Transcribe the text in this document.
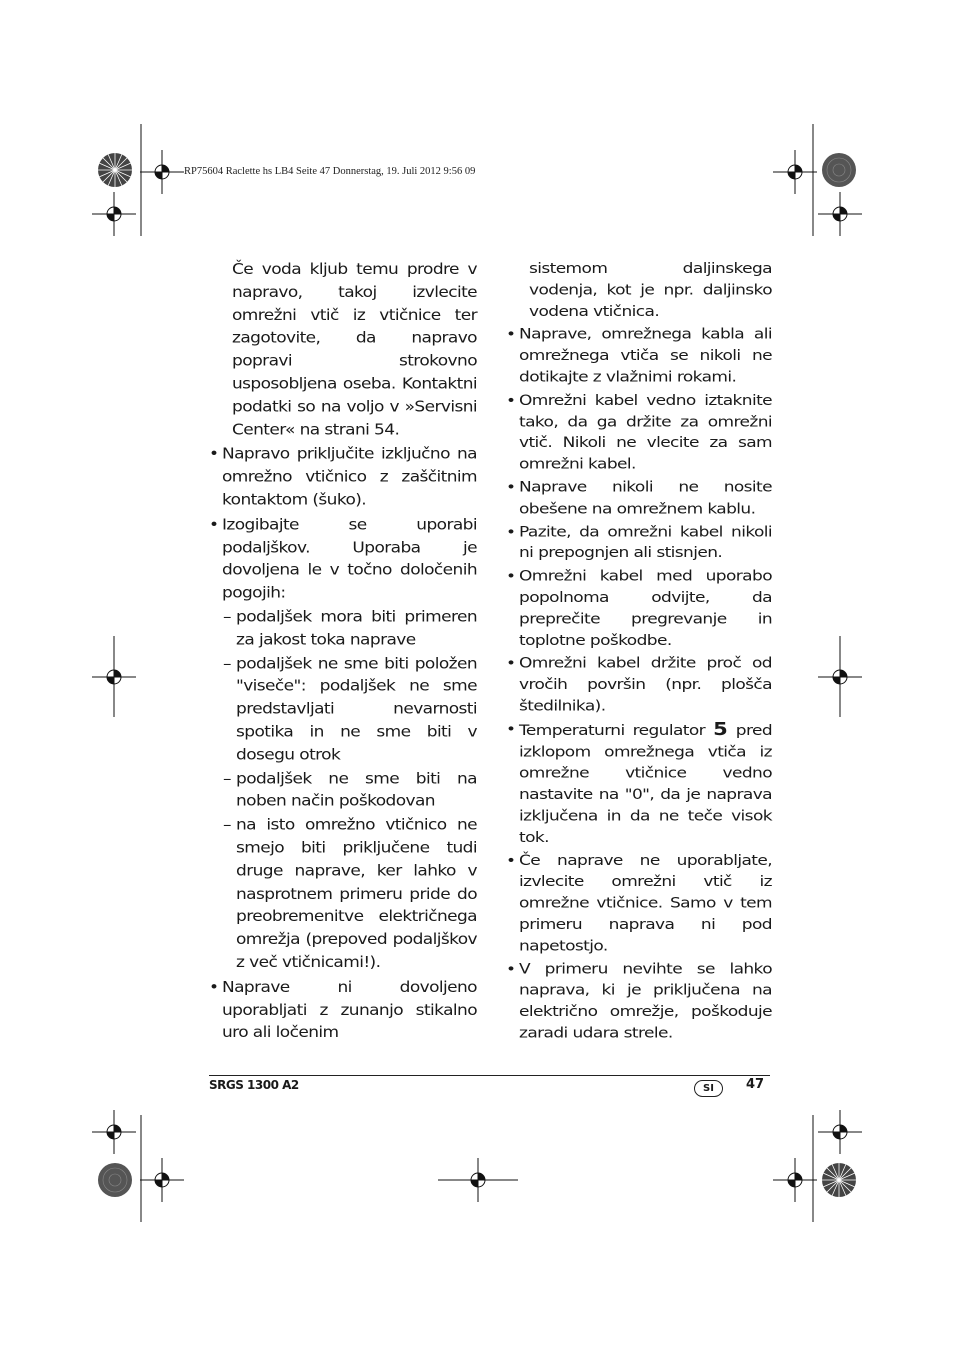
RP75604 Raclette hs LB4 Seite 47 Donnerstag, 19. Juli 2012 9:56 09

Če voda kljub temu prodre v napravo, takoj izvlecite omrežni vtič iz vtičnice ter zagotovite, da napravo popravi strokovno usposobljena oseba. Kontaktni podatki so na voljo v »Servisni Center« na strani 54.

• Napravo priključite izključno na omrežno vtičnico z zaščitnim kontaktom (šuko).
• Izogibajte se uporabi podaljškov. Uporaba je dovoljena le v točno določenih pogojih:
– podaljšek mora biti primeren za jakost toka naprave
– podaljšek ne sme biti položen "viseče": podaljšek ne sme predstavljati nevarnosti spotika in ne sme biti v dosegu otrok
– podaljšek ne sme biti na noben način poškodovan
– na isto omrežno vtičnico ne smejo biti priključene tudi druge naprave, ker lahko v nasprotnem primeru pride do preobremenitve električnega omrežja (prepoved podaljškov z več vtičnicami!).
• Naprave ni dovoljeno uporabljati z zunanjo stikalno uro ali ločenim

sistemom daljinskega vodenja, kot je npr. daljinsko vodena vtičnica.

• Naprave, omrežnega kabla ali omrežnega vtiča se nikoli ne dotikajte z vlažnimi rokami.
• Omrežni kabel vedno iztaknite tako, da ga držite za omrežni vtič. Nikoli ne vlecite za sam omrežni kabel.
• Naprave nikoli ne nosite obešene na omrežnem kablu.
• Pazite, da omrežni kabel nikoli ni prepognjen ali stisnjen.
• Omrežni kabel med uporabo popolnoma odvijte, da preprečite pregrevanje in toplotne poškodbe.
• Omrežni kabel držite proč od vročih površin (npr. plošča štedilnika).
• Temperaturni regulator 5 pred izklopom omrežnega vtiča iz omrežne vtičnice vedno nastavite na "0", da je naprava izključena in da ne teče visok tok.
• Če naprave ne uporabljate, izvlecite omrežni vtič iz omrežne vtičnice. Samo v tem primeru naprava ni pod napetostjo.
• V primeru nevihte se lahko naprava, ki je priključena na električno omrežje, poškoduje zaradi udara strele.
SRGS 1300 A2	SI	47
